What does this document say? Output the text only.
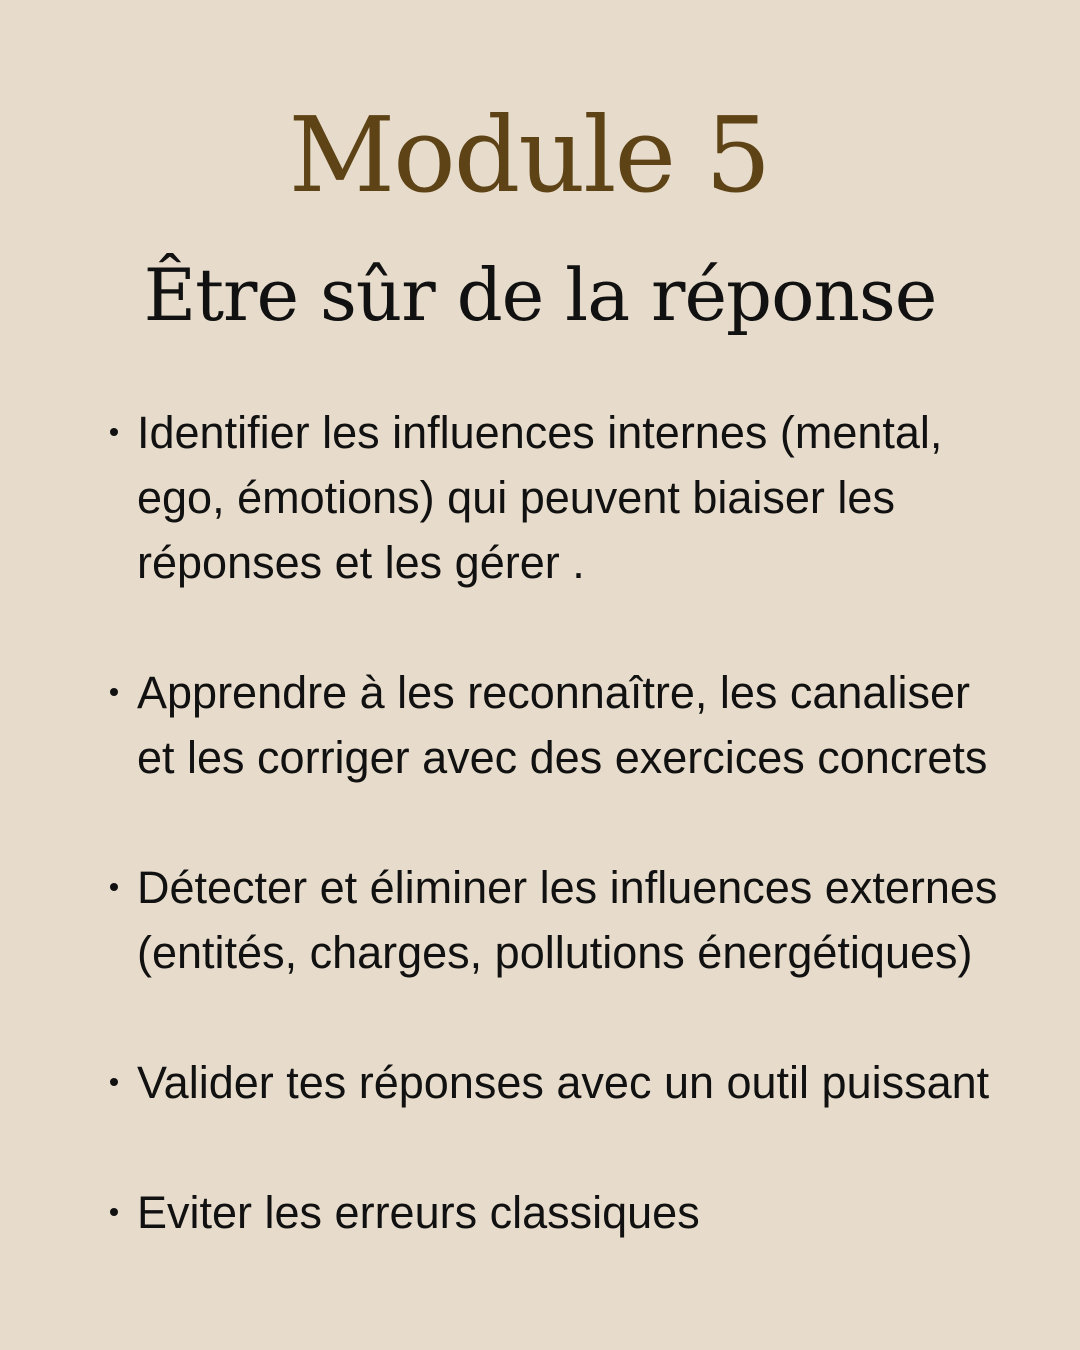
Module 5
Être sûr de la réponse
Identifier les influences internes (mental,
ego, émotions) qui peuvent biaiser les
réponses et les gérer .
Apprendre à les reconnaître, les canaliser
et les corriger avec des exercices concrets
Détecter et éliminer les influences externes
(entités, charges, pollutions énergétiques)
Valider tes réponses avec un outil puissant
Eviter les erreurs classiques
